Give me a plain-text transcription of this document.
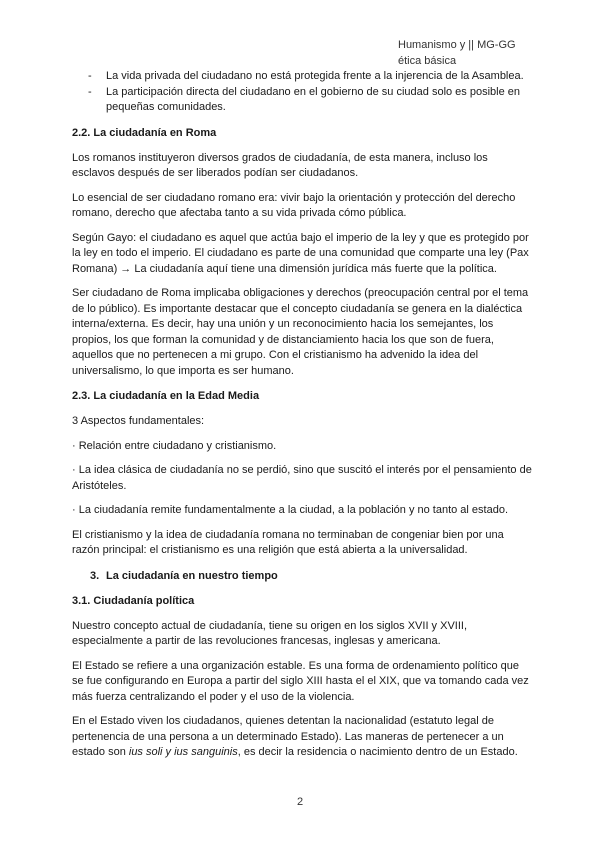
Humanismo y || MG-GG
ética básica
- La vida privada del ciudadano no está protegida frente a la injerencia de la Asamblea.
- La participación directa del ciudadano en el gobierno de su ciudad solo es posible en pequeñas comunidades.
2.2. La ciudadanía en Roma

Los romanos instituyeron diversos grados de ciudadanía, de esta manera, incluso los esclavos después de ser liberados podían ser ciudadanos.

Lo esencial de ser ciudadano romano era: vivir bajo la orientación y protección del derecho romano, derecho que afectaba tanto a su vida privada cómo pública.

Según Gayo: el ciudadano es aquel que actúa bajo el imperio de la ley y que es protegido por la ley en todo el imperio. El ciudadano es parte de una comunidad que comparte una ley (Pax Romana) → La ciudadanía aquí tiene una dimensión jurídica más fuerte que la política.

Ser ciudadano de Roma implicaba obligaciones y derechos (preocupación central por el tema de lo público). Es importante destacar que el concepto ciudadanía se genera en la dialéctica interna/externa. Es decir, hay una unión y un reconocimiento hacia los semejantes, los propios, los que forman la comunidad y de distanciamiento hacia los que son de fuera, aquellos que no pertenecen a mi grupo. Con el cristianismo ha advenido la idea del universalismo, lo que importa es ser humano.

2.3. La ciudadanía en la Edad Media

3 Aspectos fundamentales:

· Relación entre ciudadano y cristianismo.

· La idea clásica de ciudadanía no se perdió, sino que suscitó el interés por el pensamiento de Aristóteles.

· La ciudadanía remite fundamentalmente a la ciudad, a la población y no tanto al estado.

El cristianismo y la idea de ciudadanía romana no terminaban de congeniar bien por una razón principal: el cristianismo es una religión que está abierta a la universalidad.

3. La ciudadanía en nuestro tiempo
3.1. Ciudadanía política

Nuestro concepto actual de ciudadanía, tiene su origen en los siglos XVII y XVIII, especialmente a partir de las revoluciones francesas, inglesas y americana.

El Estado se refiere a una organización estable. Es una forma de ordenamiento político que se fue configurando en Europa a partir del siglo XIII hasta el el XIX, que va tomando cada vez más fuerza centralizando el poder y el uso de la violencia.

En el Estado viven los ciudadanos, quienes detentan la nacionalidad (estatuto legal de pertenencia de una persona a un determinado Estado). Las maneras de pertenecer a un estado son ius soli y ius sanguinis, es decir la residencia o nacimiento dentro de un Estado.

2
